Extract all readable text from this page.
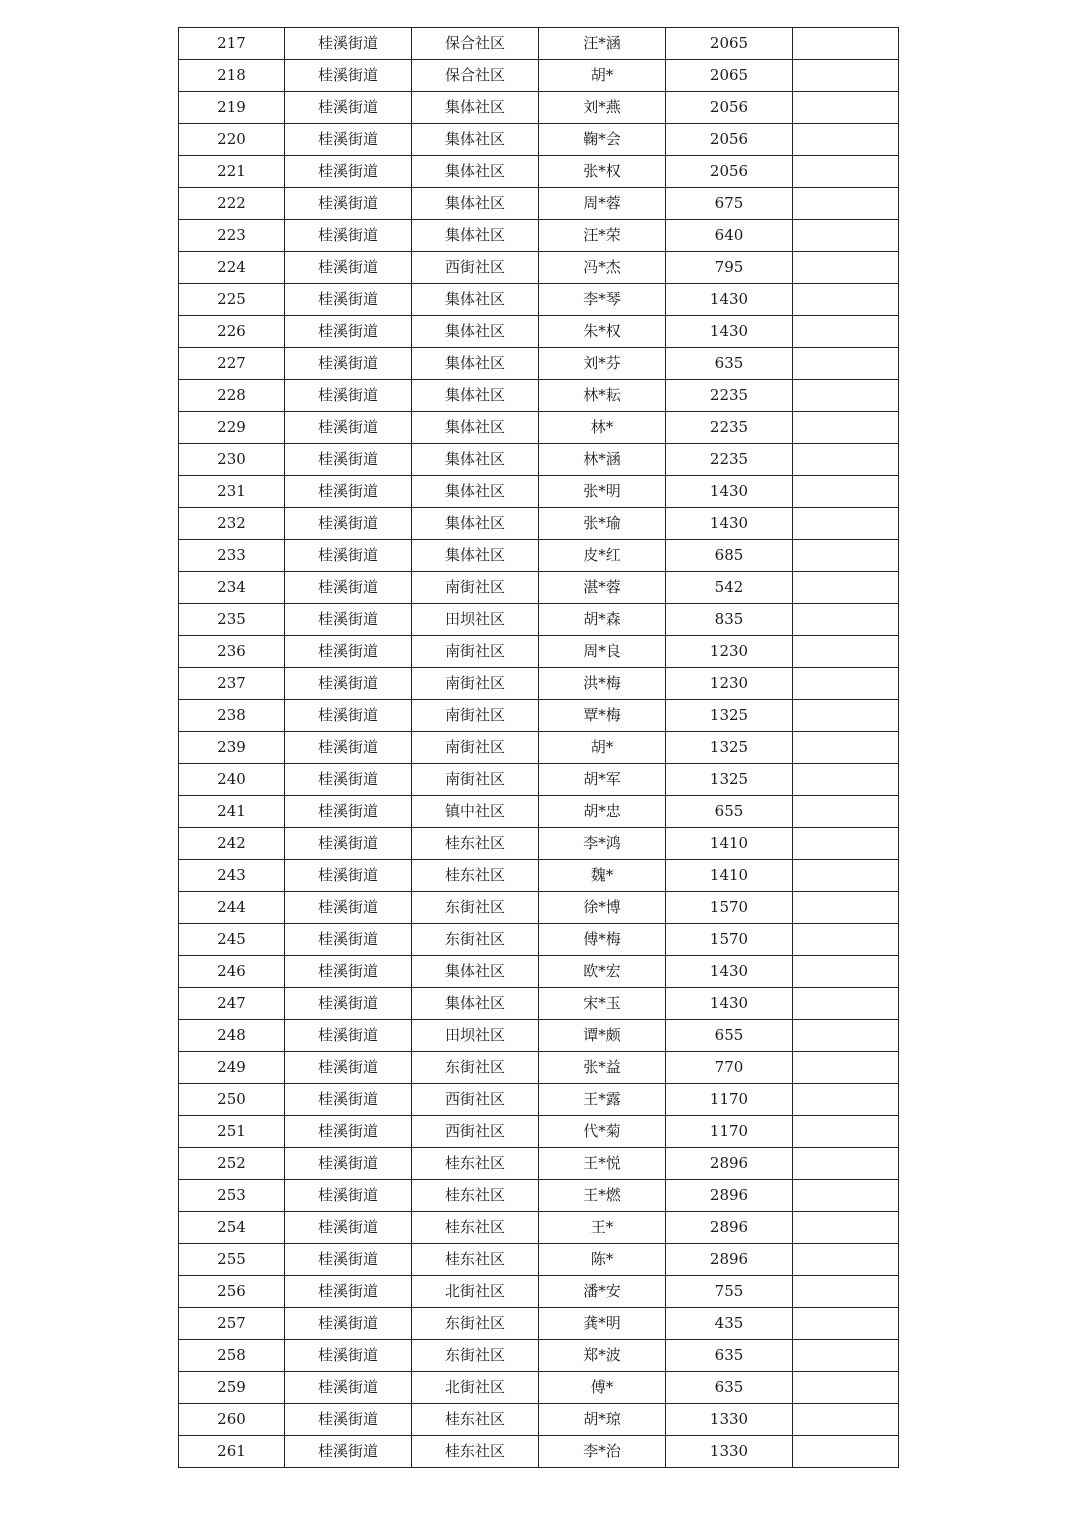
217	桂溪街道	保合社区	汪*涵	2065	
218	桂溪街道	保合社区	胡*	2065	
219	桂溪街道	集体社区	刘*燕	2056	
220	桂溪街道	集体社区	鞠*会	2056	
221	桂溪街道	集体社区	张*权	2056	
222	桂溪街道	集体社区	周*蓉	675	
223	桂溪街道	集体社区	汪*荣	640	
224	桂溪街道	西街社区	冯*杰	795	
225	桂溪街道	集体社区	李*琴	1430	
226	桂溪街道	集体社区	朱*权	1430	
227	桂溪街道	集体社区	刘*芬	635	
228	桂溪街道	集体社区	林*耘	2235	
229	桂溪街道	集体社区	林*	2235	
230	桂溪街道	集体社区	林*涵	2235	
231	桂溪街道	集体社区	张*明	1430	
232	桂溪街道	集体社区	张*瑜	1430	
233	桂溪街道	集体社区	皮*红	685	
234	桂溪街道	南街社区	湛*蓉	542	
235	桂溪街道	田坝社区	胡*森	835	
236	桂溪街道	南街社区	周*良	1230	
237	桂溪街道	南街社区	洪*梅	1230	
238	桂溪街道	南街社区	覃*梅	1325	
239	桂溪街道	南街社区	胡*	1325	
240	桂溪街道	南街社区	胡*军	1325	
241	桂溪街道	镇中社区	胡*忠	655	
242	桂溪街道	桂东社区	李*鸿	1410	
243	桂溪街道	桂东社区	魏*	1410	
244	桂溪街道	东街社区	徐*博	1570	
245	桂溪街道	东街社区	傅*梅	1570	
246	桂溪街道	集体社区	欧*宏	1430	
247	桂溪街道	集体社区	宋*玉	1430	
248	桂溪街道	田坝社区	谭*颇	655	
249	桂溪街道	东街社区	张*益	770	
250	桂溪街道	西街社区	王*露	1170	
251	桂溪街道	西街社区	代*菊	1170	
252	桂溪街道	桂东社区	王*悦	2896	
253	桂溪街道	桂东社区	王*燃	2896	
254	桂溪街道	桂东社区	王*	2896	
255	桂溪街道	桂东社区	陈*	2896	
256	桂溪街道	北街社区	潘*安	755	
257	桂溪街道	东街社区	龚*明	435	
258	桂溪街道	东街社区	郑*波	635	
259	桂溪街道	北街社区	傅*	635	
260	桂溪街道	桂东社区	胡*琼	1330	
261	桂溪街道	桂东社区	李*治	1330	
